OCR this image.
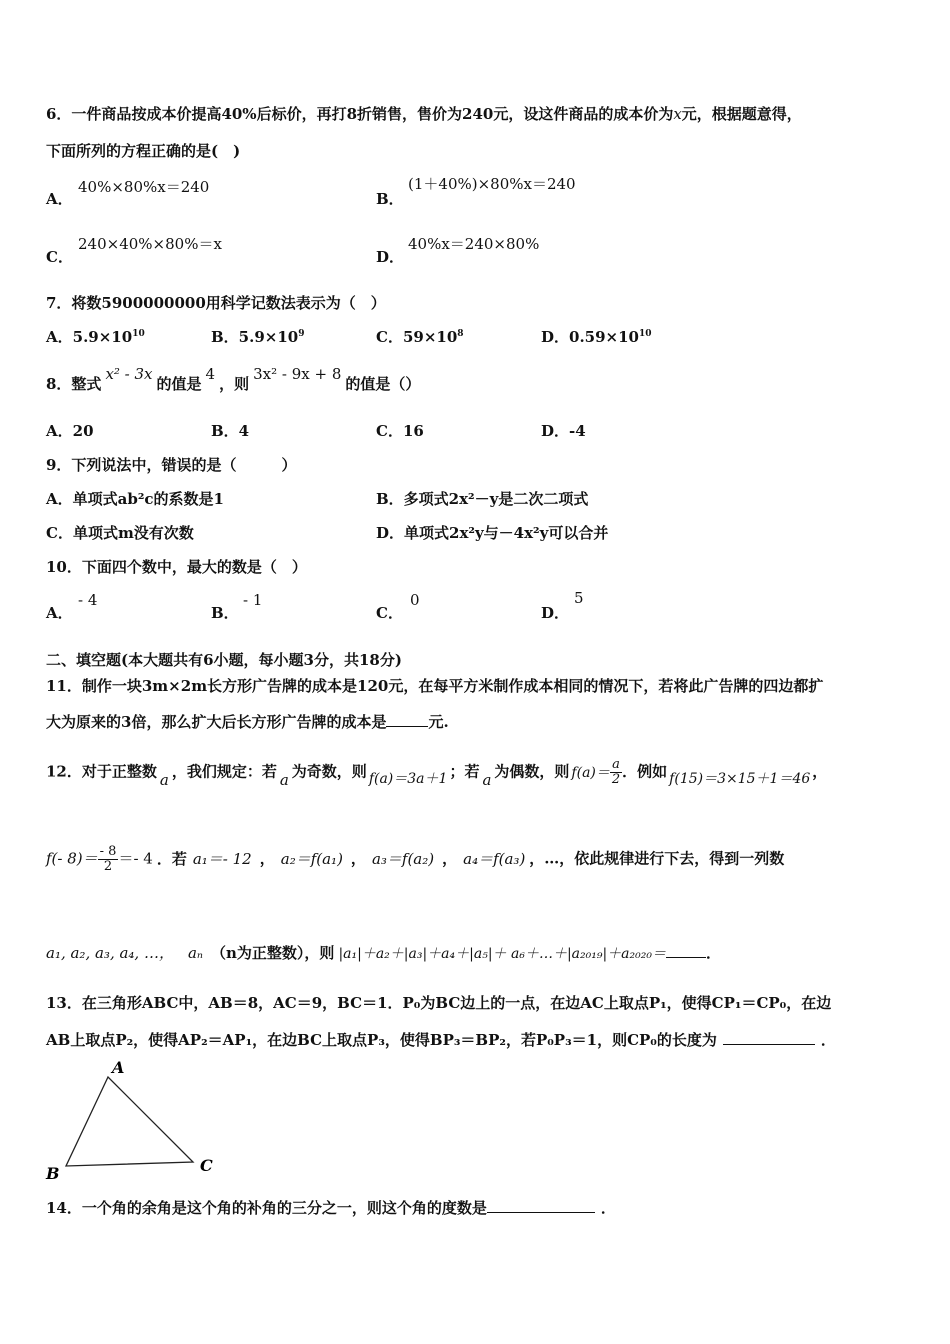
6．一件商品按成本价提高40%后标价，再打8折销售，售价为240元，设这件商品的成本价为x元，根据题意得，
下面所列的方程正确的是(　)
A．
40%×80%x＝240
B．
(1＋40%)×80%x＝240
C．
240×40%×80%＝x
D．
40%x＝240×80%
7．将数5900000000用科学记数法表示为（　）
A．$5.9\times 10^{10}$	B．$5.9\times 10^9$	C．$59\times 10^8$	D．$0.59\times 10^{10}$
8．整式x² - 3x的值是4，则3x² - 9x + 8的值是（）
A．20	B．4	C．16	D．-4
9．下列说法中，错误的是（　　　）
A．单项式ab²c的系数是1	B．多项式2x²－y是二次二项式
C．单项式m没有次数	D．单项式2x²y与－4x²y可以合并
10．下面四个数中，最大的数是（　）
A．
- 4
B．
- 1
C．
0
D．
5
二、填空题(本大题共有6小题，每小题3分，共18分)
11．制作一块3m×2m长方形广告牌的成本是120元，在每平方米制作成本相同的情况下，若将此广告牌的四边都扩
大为原来的3倍，那么扩大后长方形广告牌的成本是	元.
12．对于正整数 a ，我们规定：若 a 为奇数，则 f(a)＝3a＋1 ；若 a 为偶数，则 $f(a)= \frac{a}{2}$ ．例如 f(15)＝3×15＋1＝46 ，
f(- $8)= \frac{- 8}{2} =- 4$ ．若 a₁＝- 12 ， a₂＝f(a₁) ， a₃＝f(a₂) ， a₄＝f(a₃) ，…，依此规律进行下去，得到一列数
a₁, a₂, a₃, a₄, …， aₙ （n为正整数），则 |a₁|＋a₂＋|a₃|＋a₄＋|a₅|＋ a₆＋…＋|a₂₀₁₉|＋a₂₀₂₀＝	．
13．在三角形ABC中，AB＝8，AC＝9，BC＝1．P₀为BC边上的一点，在边AC上取点P₁，使得CP₁＝CP₀，在边
AB上取点P₂，使得AP₂＝AP₁，在边BC上取点P₃，使得BP₃＝BP₂，若P₀P₃＝1，则CP₀的长度为	．
A
B	C
14．一个角的余角是这个角的补角的三分之一，则这个角的度数是	．
